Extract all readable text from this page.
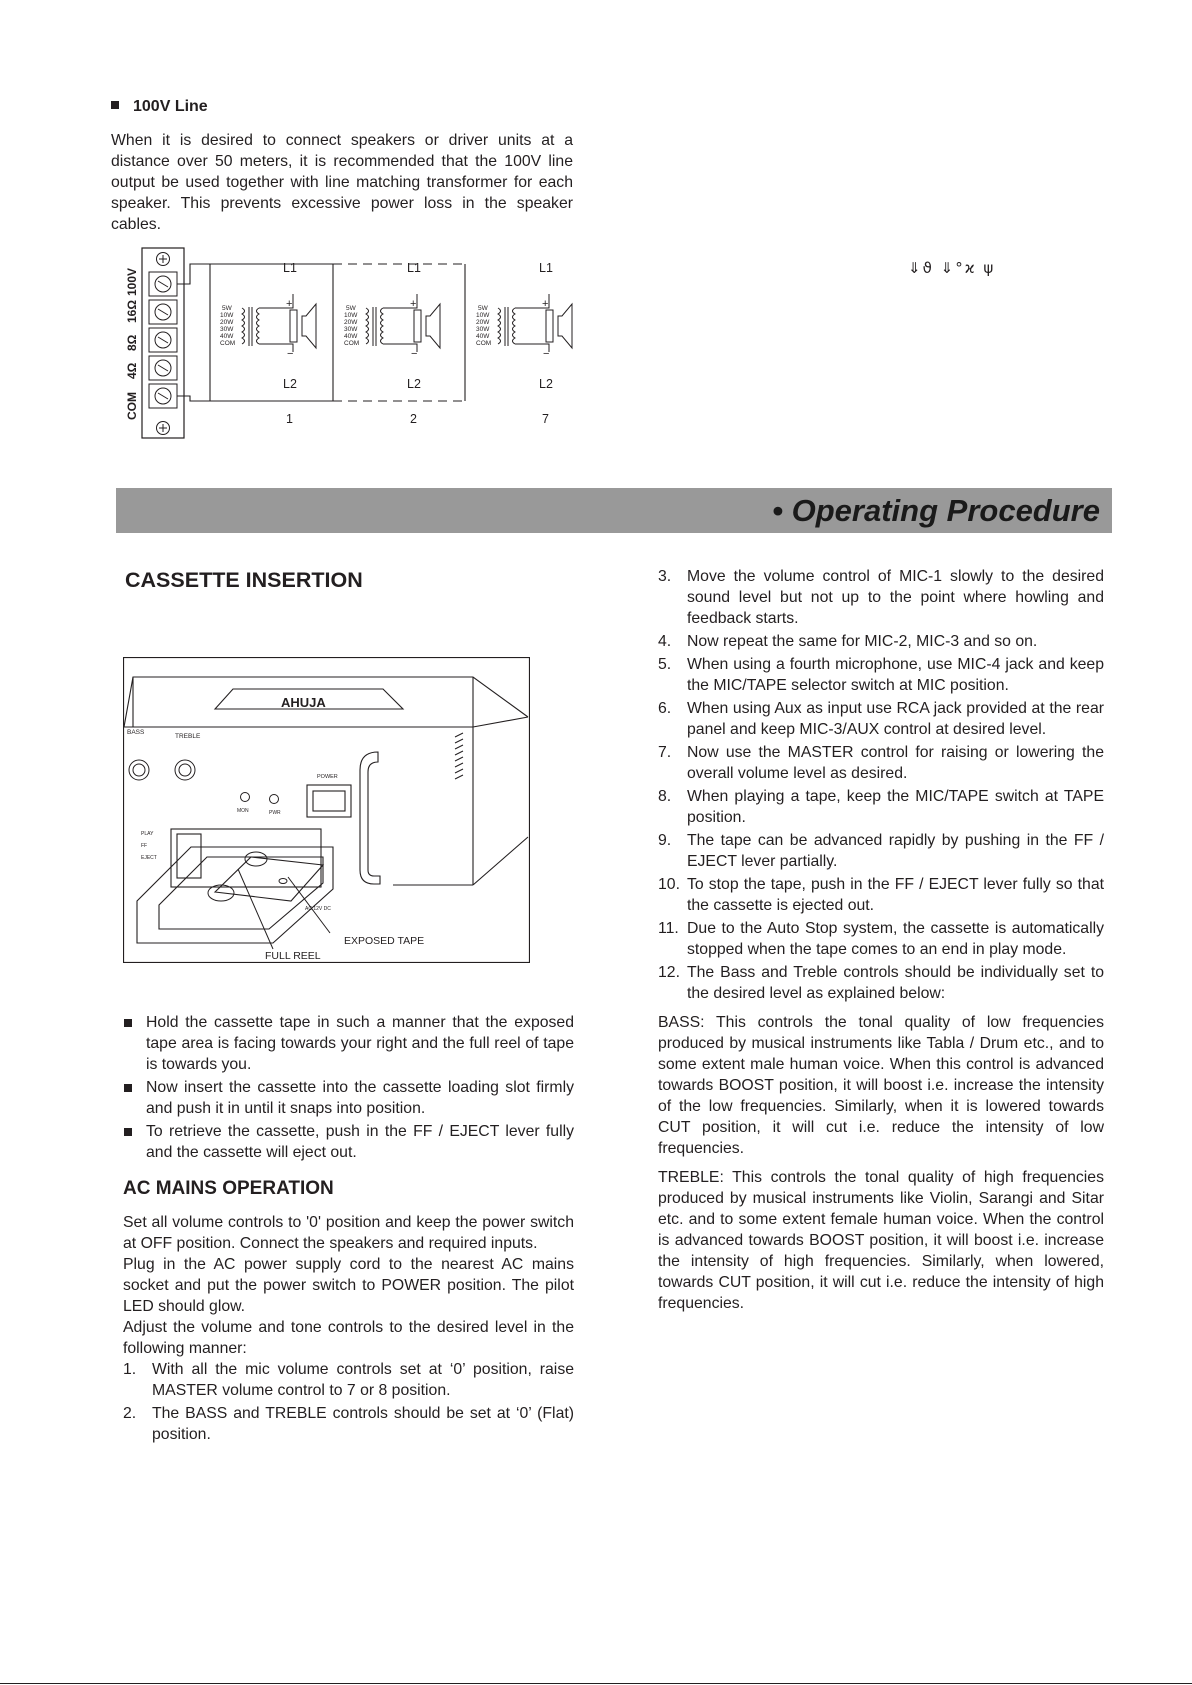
100V Line

When it is desired to connect speakers or driver units at a distance over 50 meters, it is recommended that the 100V line output be used together with line matching transformer for each speaker. This prevents excessive power loss in the speaker cables.

100V
16Ω
8Ω
4Ω
COM
5W
10W
20W
30W
40W
COM
L1
+
−
L2
1
5W
10W
20W
30W
40W
COM
L1
+
−
L2
2
5W
10W
20W
30W
40W
COM
L1
+
−
L2
7
⇓ϑ ⇓°ϰ ψ
• Operating Procedure
CASSETTE INSERTION
AHUJA
BASS
TREBLE
POWER
MON	PWR
PLAY
FF
EJECT
AC 12V DC
FULL REEL
EXPOSED TAPE
Hold the cassette tape in such a manner that the exposed tape area is facing towards your right and the full reel of tape is towards you.
Now insert the cassette into the cassette loading slot firmly and push it in until it snaps into position.
To retrieve the cassette, push in the FF / EJECT lever fully and the cassette will eject out.
AC MAINS OPERATION

Set all volume controls to '0' position and keep the power switch at OFF position. Connect the speakers and required inputs.

Plug in the AC power supply cord to the nearest AC mains socket and put the power switch to POWER position. The pilot LED should glow.

Adjust the volume and tone controls to the desired level in the following manner:

1. With all the mic volume controls set at ‘0’ position, raise MASTER volume control to 7 or 8 position.
2. The BASS and TREBLE controls should be set at ‘0’ (Flat) position.
3. Move the volume control of MIC-1 slowly to the desired sound level but not up to the point where howling and feedback starts.
4. Now repeat the same for MIC-2, MIC-3 and so on.
5. When using a fourth microphone, use MIC-4 jack and keep the MIC/TAPE selector switch at MIC position.
6. When using Aux as input use RCA jack provided at the rear panel and keep MIC-3/AUX control at desired level.
7. Now use the MASTER control for raising or lowering the overall volume level as desired.
8. When playing a tape, keep the MIC/TAPE switch at TAPE position.
9. The tape can be advanced rapidly by pushing in the FF / EJECT lever partially.
10. To stop the tape, push in the FF / EJECT lever fully so that the cassette is ejected out.
11. Due to the Auto Stop system, the cassette is automatically stopped when the tape comes to an end in play mode.
12. The Bass and Treble controls should be individually set to the desired level as explained below:

BASS: This controls the tonal quality of low frequencies produced by musical instruments like Tabla / Drum etc., and to some extent male human voice. When this control is advanced towards BOOST position, it will boost i.e. increase the intensity of the low frequencies. Similarly, when it is lowered towards CUT position, it will cut i.e. reduce the intensity of low frequencies.

TREBLE: This controls the tonal quality of high frequencies produced by musical instruments like Violin, Sarangi and Sitar etc. and to some extent female human voice. When the control is advanced towards BOOST position, it will boost i.e. increase the intensity of high frequencies. Similarly, when lowered, towards CUT position, it will cut i.e. reduce the intensity of high frequencies.
